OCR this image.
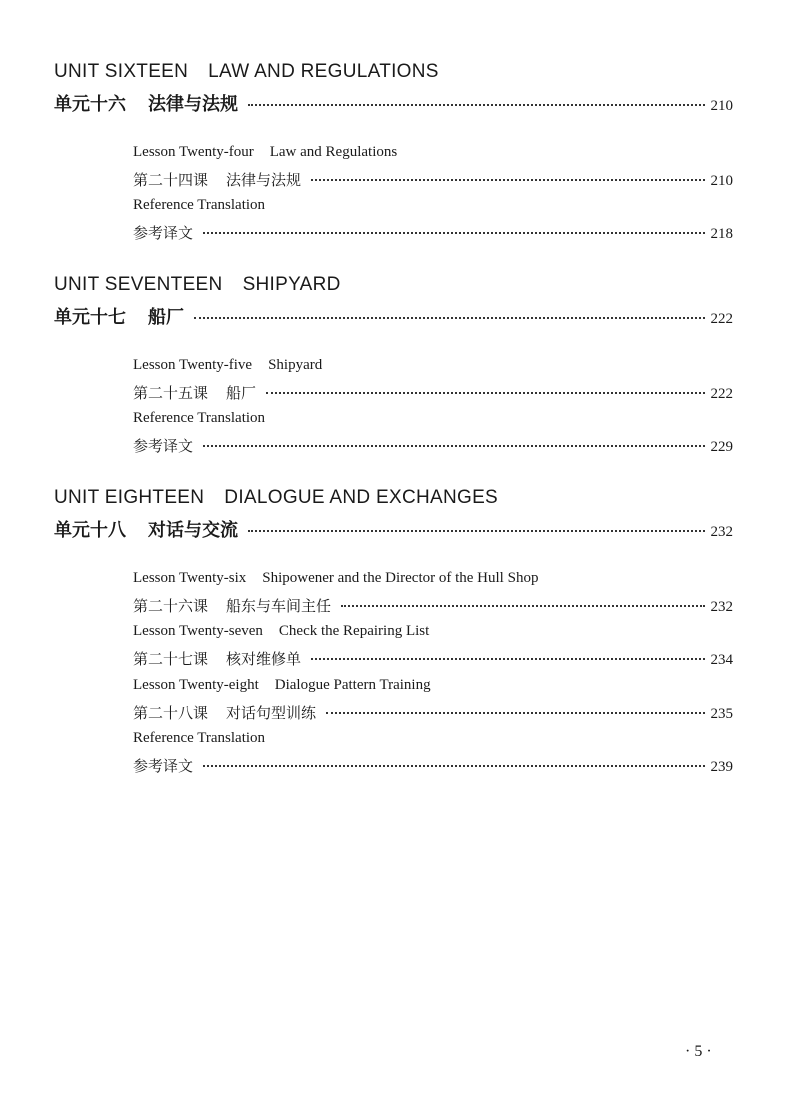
UNIT SIXTEEN LAW AND REGULATIONS
单元十六 法律与法规	210
Lesson Twenty-four Law and Regulations
第二十四课 法律与法规	210
Reference Translation
参考译文	218
UNIT SEVENTEEN SHIPYARD
单元十七 船厂	222
Lesson Twenty-five Shipyard
第二十五课 船厂	222
Reference Translation
参考译文	229
UNIT EIGHTEEN DIALOGUE AND EXCHANGES
单元十八 对话与交流	232
Lesson Twenty-six Shipowener and the Director of the Hull Shop
第二十六课 船东与车间主任	232
Lesson Twenty-seven Check the Repairing List
第二十七课 核对维修单	234
Lesson Twenty-eight Dialogue Pattern Training
第二十八课 对话句型训练	235
Reference Translation
参考译文	239
· 5 ·
